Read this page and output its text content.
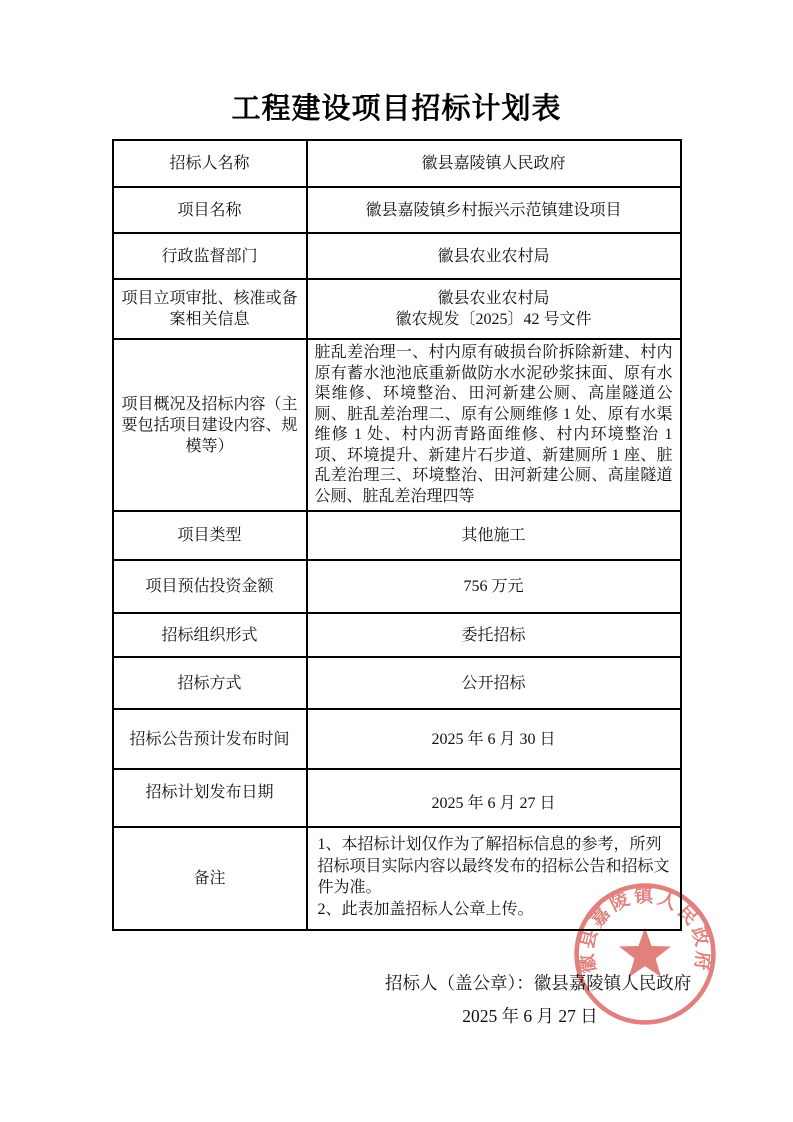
工程建设项目招标计划表
招标人名称	徽县嘉陵镇人民政府
项目名称	徽县嘉陵镇乡村振兴示范镇建设项目
行政监督部门	徽县农业农村局
项目立项审批、核准或备案相关信息	徽县农业农村局
徽农规发〔2025〕42 号文件

项目概况及招标内容（主要包括项目建设内容、规模等）	脏乱差治理一、村内原有破损台阶拆除新建、村内原有蓄水池池底重新做防水水泥砂浆抹面、原有水渠维修、环境整治、田河新建公厕、高崖隧道公厕、脏乱差治理二、原有公厕维修 1 处、原有水渠维修 1 处、村内沥青路面维修、村内环境整治 1 项、环境提升、新建片石步道、新建厕所 1 座、脏乱差治理三、环境整治、田河新建公厕、高崖隧道公厕、脏乱差治理四等
项目类型	其他施工
项目预估投资金额	756 万元
招标组织形式	委托招标
招标方式	公开招标
招标公告预计发布时间	2025 年 6 月 30 日
招标计划发布日期	2025 年 6 月 27 日
备注	1、本招标计划仅作为了解招标信息的参考，所列招标项目实际内容以最终发布的招标公告和招标文件为准。
2、此表加盖招标人公章上传。
招标人（盖公章）：徽县嘉陵镇人民政府
2025 年 6 月 27 日
徽县嘉陵镇人民政府
